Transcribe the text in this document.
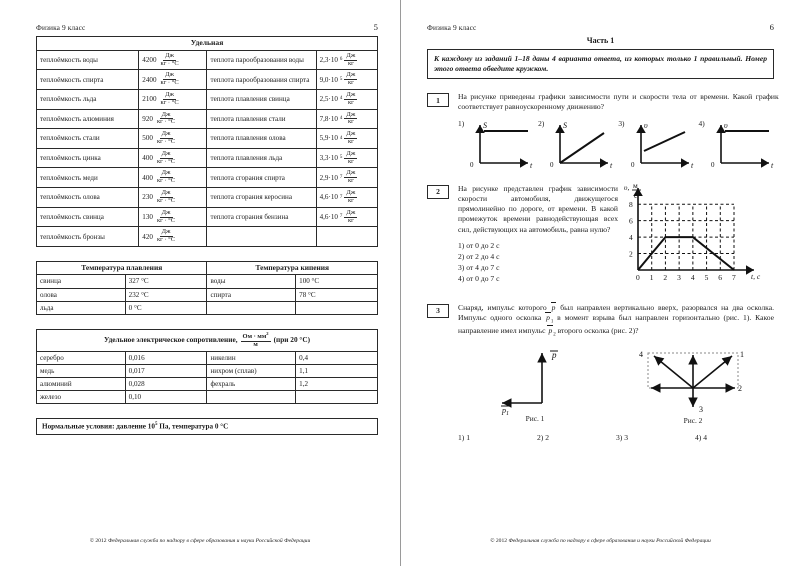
Физика 9 класс	5
Удельная			
теплоёмкость воды	$4200 \frac{Дж}{кг \cdot ^\circ С}$	теплота парообразования воды	2,3·10 $6 \frac{Дж}{кг}$

теплоёмкость спирта	$2400 \frac{Дж}{кг \cdot ^\circ С}$	теплота парообразования спирта	9,0·10 $5 \frac{Дж}{кг}$

теплоёмкость льда	$2100 \frac{Дж}{кг \cdot ^\circ С}$	теплота плавления свинца	2,5·10 $4 \frac{Дж}{кг}$

теплоёмкость алюминия	$920 \frac{Дж}{кг \cdot ^\circ С}$	теплота плавления стали	7,8·10 $4 \frac{Дж}{кг}$

теплоёмкость стали	$500 \frac{Дж}{кг \cdot ^\circ С}$	теплота плавления олова	5,9·10 $4 \frac{Дж}{кг}$

теплоёмкость цинка	$400 \frac{Дж}{кг \cdot ^\circ С}$	теплота плавления льда	3,3·10 $5 \frac{Дж}{кг}$

теплоёмкость меди	$400 \frac{Дж}{кг \cdot ^\circ С}$	теплота сгорания спирта	2,9·10 $7 \frac{Дж}{кг}$

теплоёмкость олова	$230 \frac{Дж}{кг \cdot ^\circ С}$	теплота сгорания керосина	4,6·10 $7 \frac{Дж}{кг}$

теплоёмкость свинца	$130 \frac{Дж}{кг \cdot ^\circ С}$	теплота сгорания бензина	4,6·10 $7 \frac{Дж}{кг}$

теплоёмкость бронзы	$420 \frac{Дж}{кг \cdot ^\circ С}$

Температура плавления		Температура кипения	
свинца	327 °С	воды	100 °С
олова	232 °С	спирта	78 °С
льда	0 °С		
Удельное электрическое сопротивление, $\frac{Ом \cdot мм^2}{м} (при$ 20 °С)			

серебро	0,016	никелин	0,4
медь	0,017	нихром (сплав)	1,1
алюминий	0,028	фехраль	1,2
железо	0,10		
Нормальные условия: давление $10^5$ Па, температура 0 °С
© 2012 Федеральная служба по надзору в сфере образования и науки Российской Федерации
Физика 9 класс	6
Часть 1
К каждому из заданий 1–18 даны 4 варианта ответа, из которых только 1 правильный. Номер этого ответа обведите кружком.
1	На рисунке приведены графики зависимости пути и скорости тела от времени. Какой график соответствует равноускоренному движению?

1)
0
S
t
2)
0
S
t
3)
0
υ
t
4)
0
υ
t
2	На рисунке представлен график зависимости скорости автомобиля, движущегося прямолинейно по дороге, от времени. В какой промежуток времени равнодействующая всех сил, действующих на автомобиль, равна нулю?

1) от 0 до 2 с
2) от 2 до 4 с
3) от 4 до 7 с
4) от 0 до 7 с
2
4
6
8
0 1 2 3 4 5 6 7 t, с
υ, м
с
3	Снаряд, импульс которого p был направлен вертикально вверх, разорвался на два осколка. Импульс одного осколка $p_1$ в момент взрыва был направлен горизонтально (рис. 1). Какое направление имел импульс $p_2$ второго осколка (рис. 2)?

p
$p_1$	Рис. 1
1
2
3
4
Рис. 2
1) 1	2) 2	3) 3	4) 4
© 2012 Федеральная служба по надзору в сфере образования и науки Российской Федерации
